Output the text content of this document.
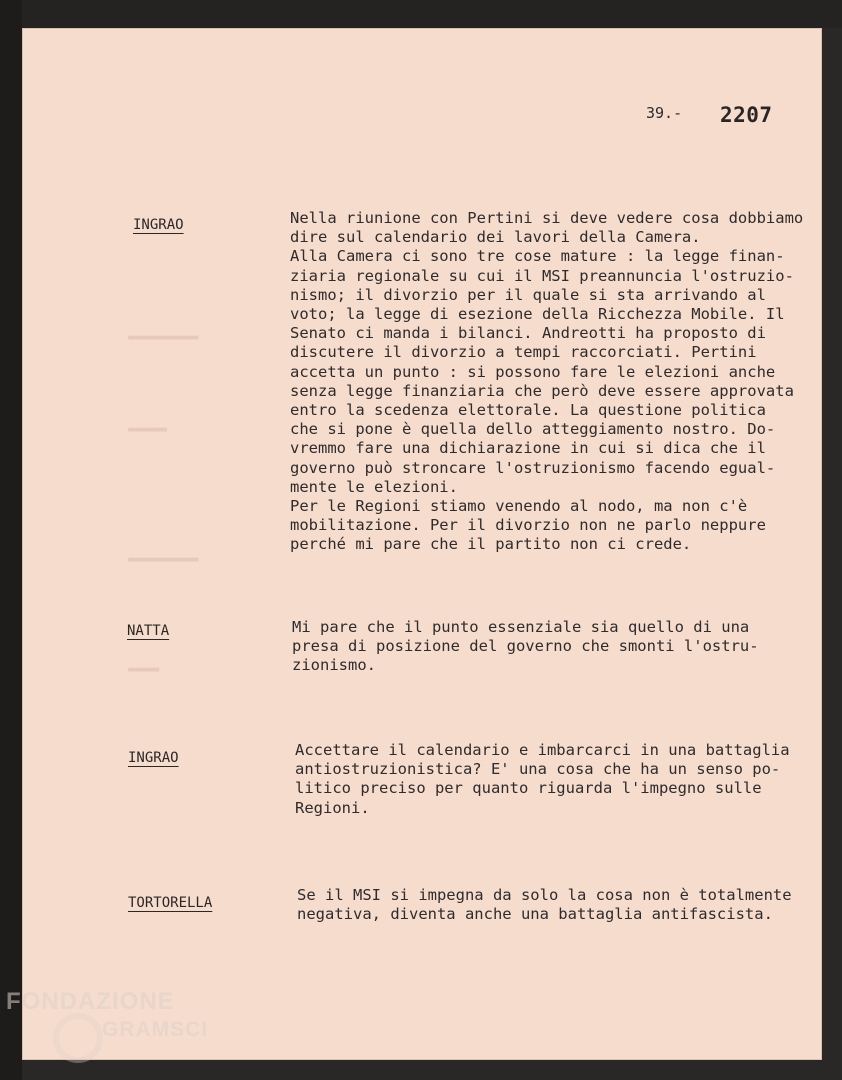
39.- 2207
▬▬▬▬▬▬▬▬▬
▬▬▬▬▬
▬▬▬▬▬▬▬▬▬
▬▬▬▬
INGRAO	Nella riunione con Pertini si deve vedere cosa dobbiamo
dire sul calendario dei lavori della Camera.
Alla Camera ci sono tre cose mature : la legge finan-
ziaria regionale su cui il MSI preannuncia l'ostruzio-
nismo; il divorzio per il quale si sta arrivando al
voto; la legge di esezione della Ricchezza Mobile. Il
Senato ci manda i bilanci. Andreotti ha proposto di
discutere il divorzio a tempi raccorciati. Pertini
accetta un punto : si possono fare le elezioni anche
senza legge finanziaria che però deve essere approvata
entro la scedenza elettorale. La questione politica
che si pone è quella dello atteggiamento nostro. Do-
vremmo fare una dichiarazione in cui si dica che il
governo può stroncare l'ostruzionismo facendo egual-
mente le elezioni.
Per le Regioni stiamo venendo al nodo, ma non c'è
mobilitazione. Per il divorzio non ne parlo neppure
perché mi pare che il partito non ci crede.
NATTA	Mi pare che il punto essenziale sia quello di una
presa di posizione del governo che smonti l'ostru-
zionismo.
INGRAO	Accettare il calendario e imbarcarci in una battaglia
antiostruzionistica? E' una cosa che ha un senso po-
litico preciso per quanto riguarda l'impegno sulle
Regioni.
TORTORELLA	Se il MSI si impegna da solo la cosa non è totalmente
negativa, diventa anche una battaglia antifascista.
FONDAZIONE
GRAMSCI
